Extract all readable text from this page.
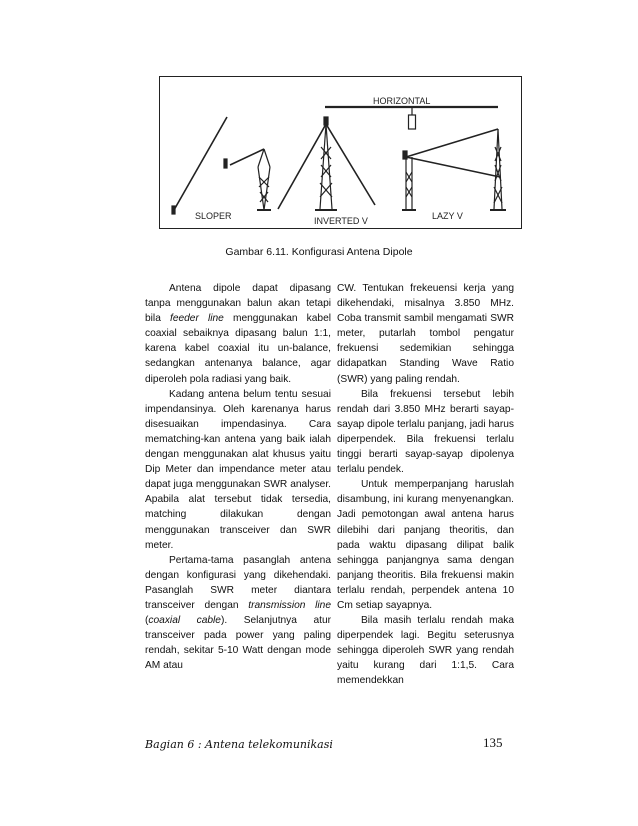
HORIZONTAL
SLOPER	INVERTED V	LAZY V
Gambar 6.11. Konfigurasi Antena Dipole

Antena dipole dapat dipasang tanpa menggunakan balun akan tetapi bila feeder line menggunakan kabel coaxial sebaiknya dipasang balun 1:1, karena kabel coaxial itu un-balance, sedangkan antenanya balance, agar diperoleh pola radiasi yang baik.

Kadang antena belum tentu sesuai impendansinya. Oleh karenanya harus disesuaikan impendasinya. Cara mematching-kan antena yang baik ialah dengan menggunakan alat khusus yaitu Dip Meter dan impendance meter atau dapat juga menggunakan SWR analyser. Apabila alat tersebut tidak tersedia, matching dilakukan dengan menggunakan transceiver dan SWR meter.

Pertama-tama pasanglah antena dengan konfigurasi yang dikehendaki. Pasanglah SWR meter diantara transceiver dengan transmission line (coaxial cable). Selanjutnya atur transceiver pada power yang paling rendah, sekitar 5-10 Watt dengan mode AM atau

CW. Tentukan frekeuensi kerja yang dikehendaki, misalnya 3.850 MHz. Coba transmit sambil mengamati SWR meter, putarlah tombol pengatur frekuensi sedemikian sehingga didapatkan Standing Wave Ratio (SWR) yang paling rendah.

Bila frekuensi tersebut lebih rendah dari 3.850 MHz berarti sayap-sayap dipole terlalu panjang, jadi harus diperpendek. Bila frekuensi terlalu tinggi berarti sayap-sayap dipolenya terlalu pendek.

Untuk memperpanjang haruslah disambung, ini kurang menyenangkan. Jadi pemotongan awal antena harus dilebihi dari panjang theoritis, dan pada waktu dipasang dilipat balik sehingga panjangnya sama dengan panjang theoritis. Bila frekuensi makin terlalu rendah, perpendek antena 10 Cm setiap sayapnya.

Bila masih terlalu rendah maka diperpendek lagi. Begitu seterusnya sehingga diperoleh SWR yang rendah yaitu kurang dari 1:1,5. Cara memendekkan

Bagian 6 : Antena telekomunikasi	135
